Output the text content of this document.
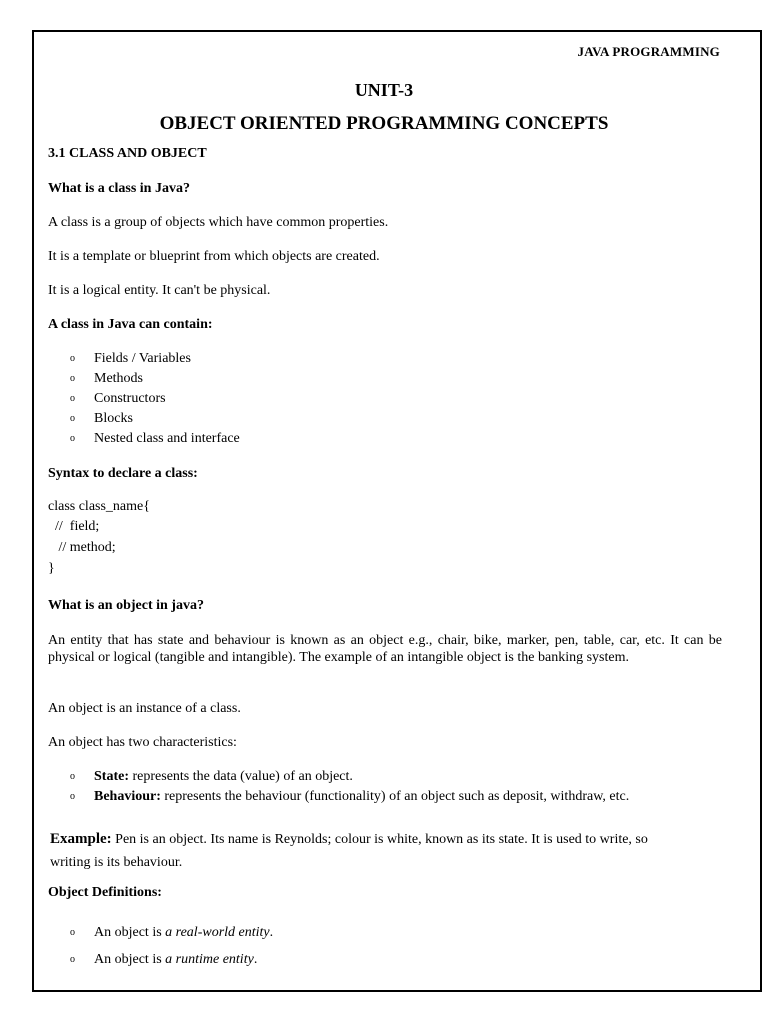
JAVA PROGRAMMING
UNIT-3
OBJECT ORIENTED PROGRAMMING CONCEPTS
3.1 CLASS AND OBJECT
What is a class in Java?
A class is a group of objects which have common properties.
It is a template or blueprint from which objects are created.
It is a logical entity. It can't be physical.
A class in Java can contain:
o Fields / Variables
o Methods
o Constructors
o Blocks
o Nested class and interface
Syntax to declare a class:
class class_name{
//  field;
// method;
}
What is an object in java?
An entity that has state and behaviour is known as an object e.g., chair, bike, marker, pen, table, car, etc. It can be physical or logical (tangible and intangible). The example of an intangible object is the banking system.
An object is an instance of a class.
An object has two characteristics:
o State: represents the data (value) of an object.
o Behaviour: represents the behaviour (functionality) of an object such as deposit, withdraw, etc.
Example: Pen is an object. Its name is Reynolds; colour is white, known as its state. It is used to write, so
writing is its behaviour.
Object Definitions:
o An object is a real-world entity.
o An object is a runtime entity.
